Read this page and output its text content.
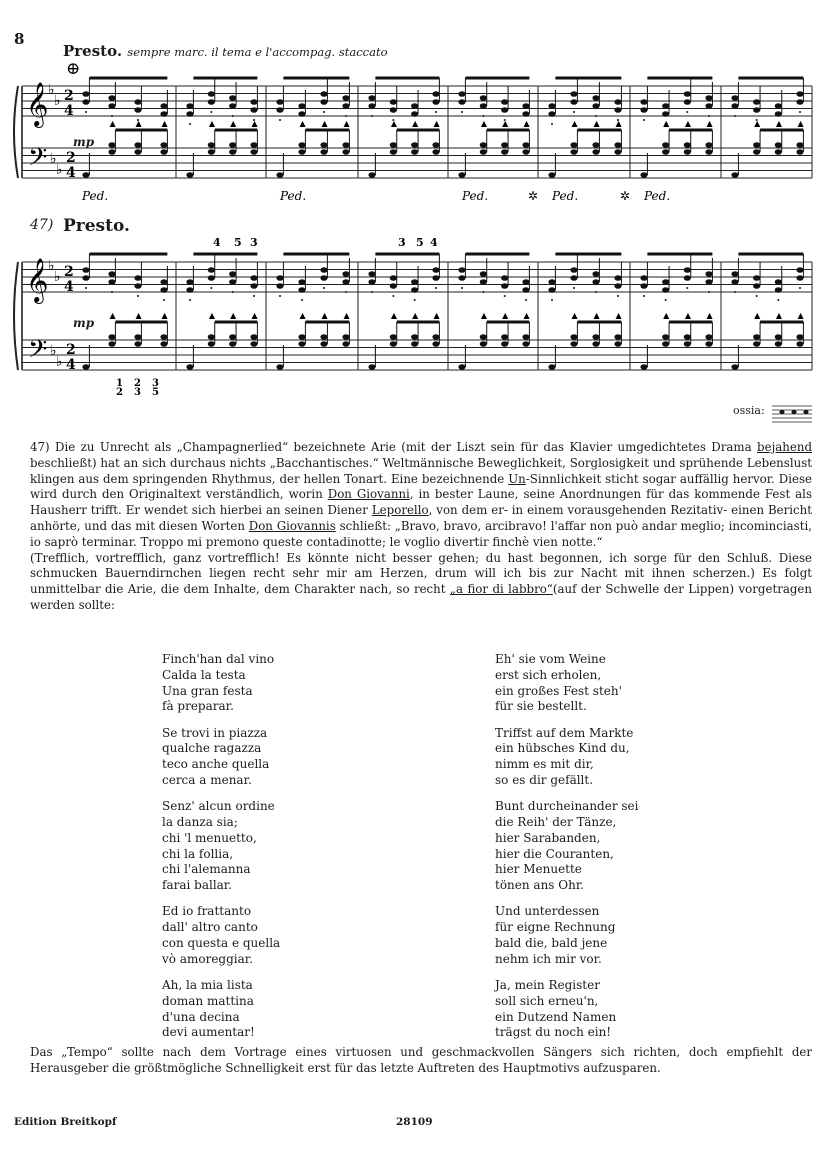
8
Presto. sempre marc. il tema e l'accompag. staccato
𝄞
𝄢
♭
♭
♭
♭
2
2
4
4
▲ ▲ ▲
Ped.
▲ ▲ ▲	▲ ▲ ▲
Ped.
▲ ▲ ▲	▲ ▲ ▲
Ped.
▲ ▲ ▲
Ped.
✲
▲ ▲ ▲
Ped.
✲
▲ ▲ ▲
⊕
47) Presto.
𝄞
𝄢
♭
♭
♭
♭
2
2
4
4
▲ ▲ ▲	▲ ▲ ▲	▲ ▲ ▲	▲ ▲ ▲	▲ ▲ ▲	▲ ▲ ▲	▲ ▲ ▲	▲ ▲ ▲
4 5 3	3 5 4
1
2
2
3
3
5
mp
mp
ossia:

47) Die zu Unrecht als „Champagnerlied“ bezeichnete Arie (mit der Liszt sein für das Klavier umgedichtetes Drama bejahend beschließt) hat an sich durchaus nichts „Bacchantisches.“ Weltmännische Beweglichkeit, Sorglosigkeit und sprühende Lebenslust klingen aus dem springenden Rhythmus, der hellen Tonart. Eine bezeichnende Un-Sinnlichkeit sticht sogar auffällig hervor. Diese wird durch den Originaltext verständlich, worin Don Giovanni, in bester Laune, seine Anordnungen für das kommende Fest als Hausherr trifft. Er wendet sich hierbei an seinen Diener Leporello, von dem er- in einem vorausgehenden Rezitativ- einen Bericht anhörte, und das mit diesen Worten Don Giovannis schließt: „Bravo, bravo, arcibravo! l'affar non può andar meglio; incominciasti, io saprò terminar. Troppo mi premono queste contadinotte; le voglio divertir finchè vien notte.“

(Trefflich, vortrefflich, ganz vortrefflich! Es könnte nicht besser gehen; du hast begonnen, ich sorge für den Schluß. Diese schmucken Bauerndirnchen liegen recht sehr mir am Herzen, drum will ich bis zur Nacht mit ihnen scherzen.) Es folgt unmittelbar die Arie, die dem Inhalte, dem Charakter nach, so recht „a fior di labbro“(auf der Schwelle der Lippen) vorgetragen werden sollte:

Finch'han dal vino
Calda la testa
Una gran festa
fà preparar.
Se trovi in piazza
qualche ragazza
teco anche quella
cerca a menar.
Senz' alcun ordine
la danza sia;
chi 'l menuetto,
chi la follia,
chi l'alemanna
farai ballar.
Ed io frattanto
dall' altro canto
con questa e quella
vò amoreggiar.
Ah, la mia lista
doman mattina
d'una decina
devi aumentar!
Eh' sie vom Weine
erst sich erholen,
ein großes Fest steh'
für sie bestellt.
Triffst auf dem Markte
ein hübsches Kind du,
nimm es mit dir,
so es dir gefällt.
Bunt durcheinander sei
die Reih' der Tänze,
hier Sarabanden,
hier die Couranten,
hier Menuette
tönen ans Ohr.
Und unterdessen
für eigne Rechnung
bald die, bald jene
nehm ich mir vor.
Ja, mein Register
soll sich erneu'n,
ein Dutzend Namen
trägst du noch ein!
Das „Tempo“ sollte nach dem Vortrage eines virtuosen und geschmackvollen Sängers sich richten, doch empfiehlt der Herausgeber die größtmögliche Schnelligkeit erst für das letzte Auftreten des Hauptmotivs aufzusparen.
Edition Breitkopf	28109
